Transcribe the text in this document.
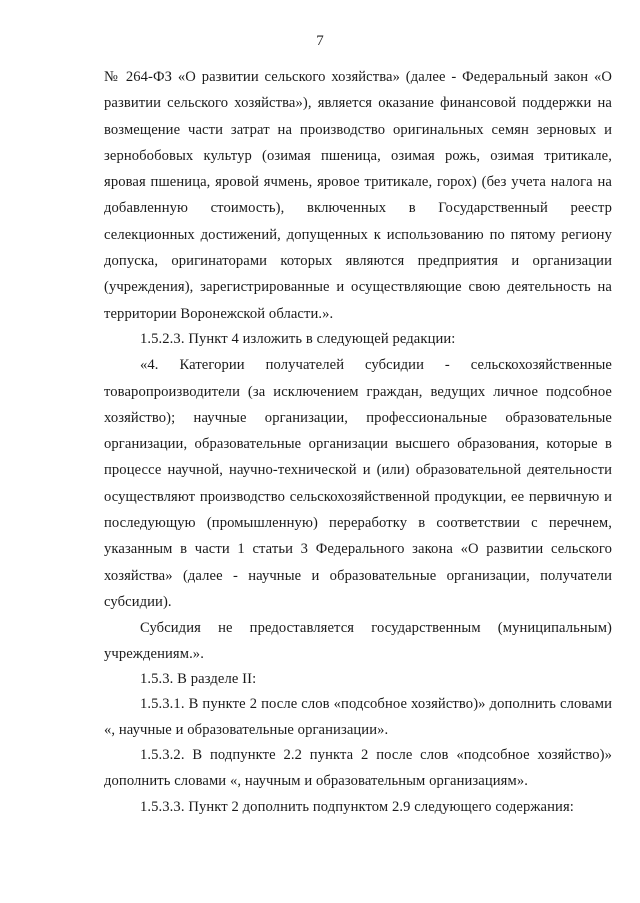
7

№ 264-ФЗ «О развитии сельского хозяйства» (далее - Федеральный закон «О развитии сельского хозяйства»), является оказание финансовой поддержки на возмещение части затрат на производство оригинальных семян зерновых и зернобобовых культур (озимая пшеница, озимая рожь, озимая тритикале, яровая пшеница, яровой ячмень, яровое тритикале, горох) (без учета налога на добавленную стоимость), включенных в Государственный реестр селекционных достижений, допущенных к использованию по пятому региону допуска, оригинаторами которых являются предприятия и организации (учреждения), зарегистрированные и осуществляющие свою деятельность на территории Воронежской области.».

1.5.2.3. Пункт 4 изложить в следующей редакции:

«4. Категории получателей субсидии - сельскохозяйственные товаропроизводители (за исключением граждан, ведущих личное подсобное хозяйство); научные организации, профессиональные образовательные организации, образовательные организации высшего образования, которые в процессе научной, научно-технической и (или) образовательной деятельности осуществляют производство сельскохозяйственной продукции, ее первичную и последующую (промышленную) переработку в соответствии с перечнем, указанным в части 1 статьи 3 Федерального закона «О развитии сельского хозяйства» (далее - научные и образовательные организации, получатели субсидии).

Субсидия не предоставляется государственным (муниципальным) учреждениям.».

1.5.3. В разделе II:

1.5.3.1. В пункте 2 после слов «подсобное хозяйство)» дополнить словами «, научные и образовательные организации».

1.5.3.2. В подпункте 2.2 пункта 2 после слов «подсобное хозяйство)» дополнить словами «, научным и образовательным организациям».

1.5.3.3. Пункт 2 дополнить подпунктом 2.9 следующего содержания:
